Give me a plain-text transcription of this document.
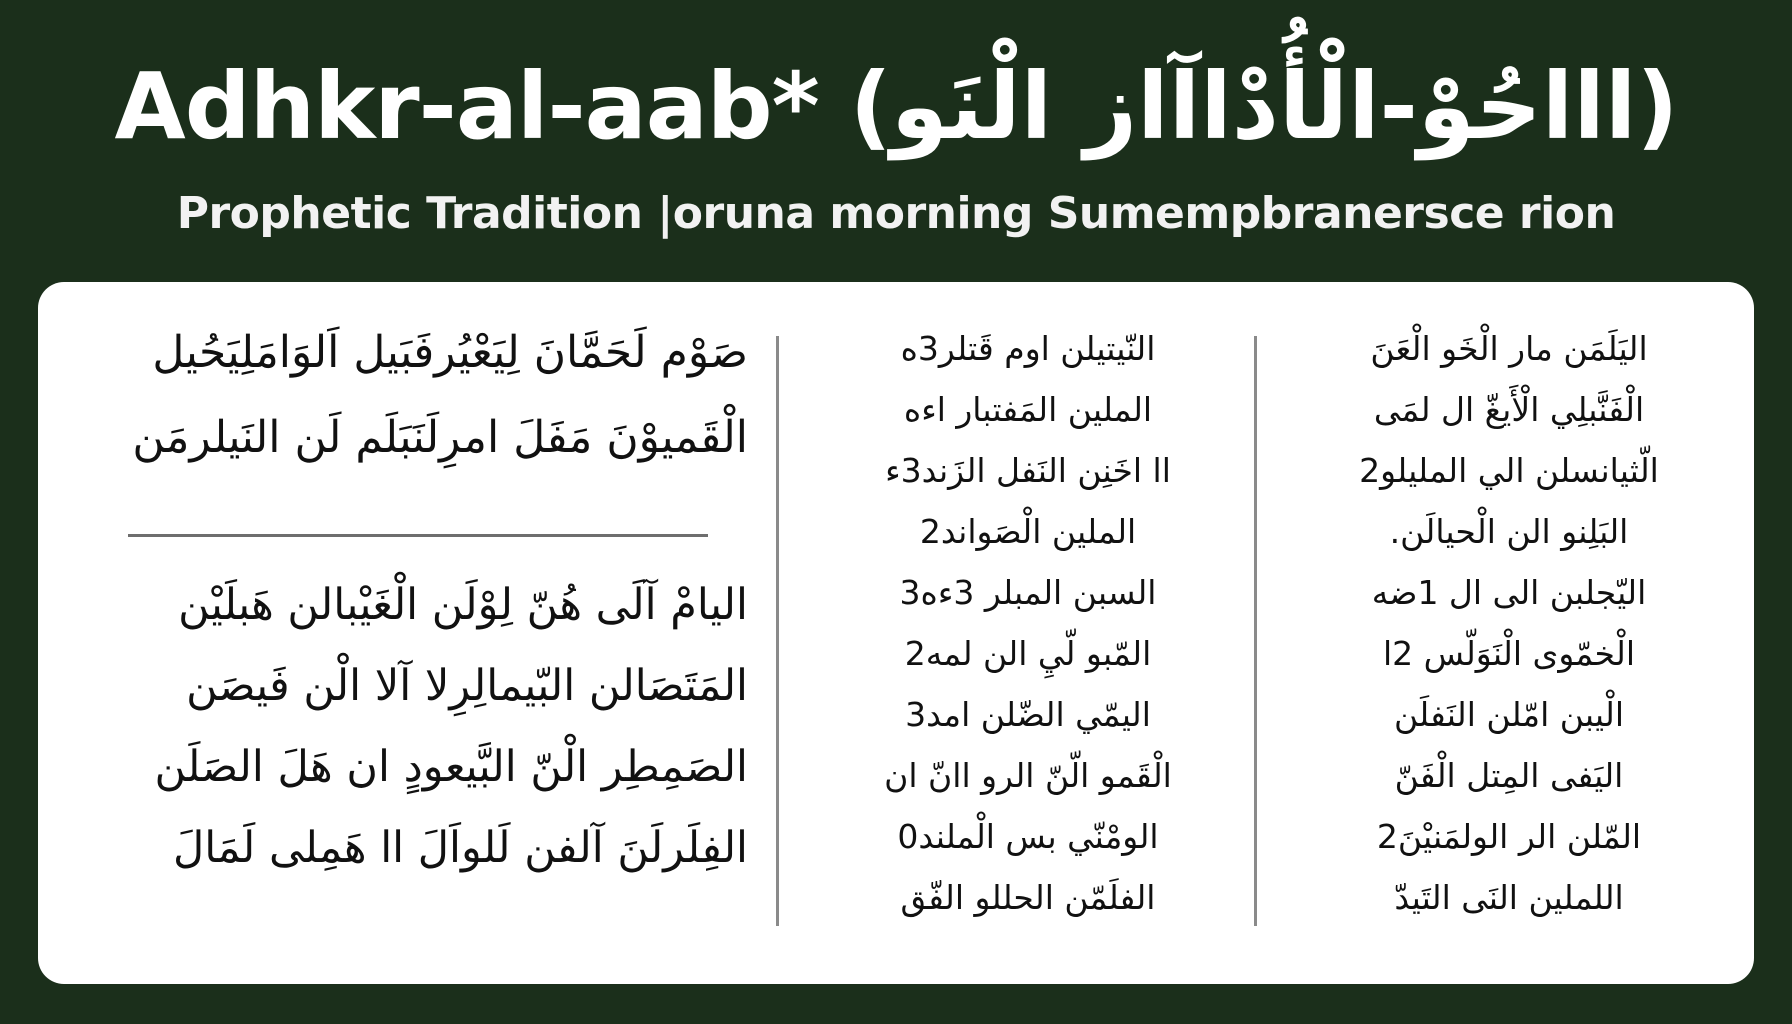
Adhkr-al-aab* (اااحُوْ-الْأُدْاآاز الْنَو)
Prophetic Tradition |oruna morning Sumempbranersce rion
صَوْم لَحَمَّانَ لِيَعْيُرفَبَيل اَلوَامَلِيَحُيل
الْقَميوْنَ مَفَلَ امرِلَنَبَلَم لَن النَيلرمَن
اليامْ آلَى هُنّ لِوْلَن الْغَيْبالن هَبلَيْن
المَتَصَالن البّيمالِرِلا آلا الْن فَيصَن
الصَمِطِر الْنّ البَّيعودٍ ان هَلَ الصَلَن
الفِلَرلَنَ آلفن لَلواَلَ اا هَمِلى لَمَالَ
النّيتيلن اوم قَتلر3ه
الملين المَفتبار اءه
اا اخَنِن النَفل الزَند3ء
الملين الْصَواند2
السبن المبلر 3ءه3
المّبو لّيِ الن لمه2
اليمّي الضّلن امد3
الْقَمو الّنّ الرو اانّ ان
الومْنّي بس الْملند0
الفلَمّن الحللو الفّق
اليَلَمَن مار الْخَو الْعَنَ
الْفَنَّبلِي الْأَيغّ ال لمَى
الّثيانسلن الي المليلو2
البَلِنو الن الْحيالَن.
اليّجلبن الى ال 1ضه
الْخمّوى الْنَوَلّس 2ا
الْيبن امّلن النَفلَن
اليَفى المِتل الْفَنّ
المّلن الر الولمَنيْنَ2
اللملين النَى التَيدّ
